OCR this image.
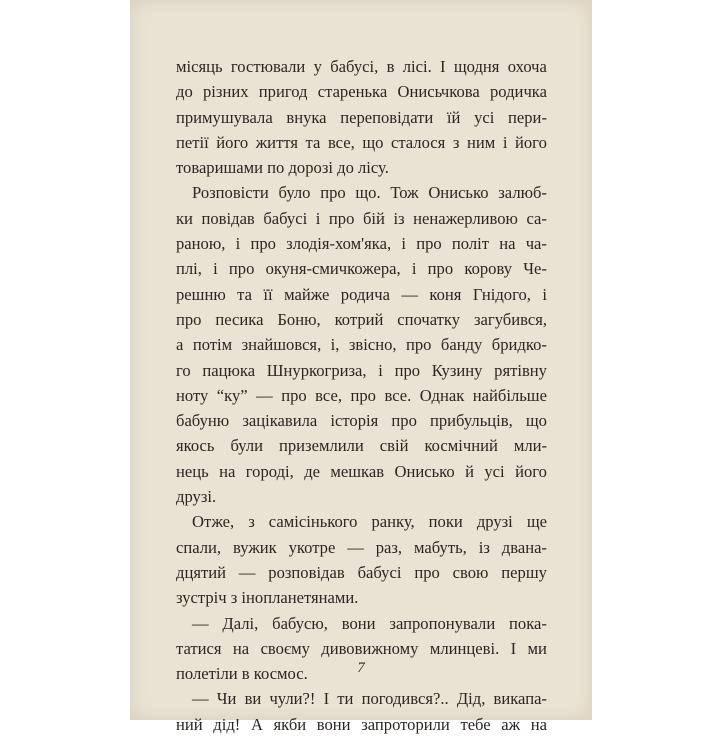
місяць гостювали у бабусі, в лісі. І щодня охоча
до різних пригод старенька Онисьчкова родичка
примушувала внука переповідати їй усі пери-
петії його життя та все, що сталося з ним і його
товаришами по дорозі до лісу.
Розповісти було про що. Тож Онисько залюб-
ки повідав бабусі і про бій із ненажерливою са-
раною, і про злодія-хом'яка, і про політ на ча-
плі, і про окуня-смичкожера, і про корову Че-
решню та її майже родича — коня Гнідого, і
про песика Боню, котрий спочатку загубився,
а потім знайшовся, і, звісно, про банду бридко-
го пацюка Шнуркогриза, і про Кузину рятівну
ноту “ку” — про все, про все. Однак найбільше
бабуню зацікавила історія про прибульців, що
якось були приземлили свій космічний мли-
нець на городі, де мешкав Онисько й усі його
друзі.
Отже, з самісінького ранку, поки друзі ще
спали, вужик укотре — раз, мабуть, із двана-
дцятий — розповідав бабусі про свою першу
зустріч з інопланетянами.
— Далі, бабусю, вони запропонували пока-
татися на своєму дивовижному млинцеві. І ми
полетіли в космос.
— Чи ви чули?! І ти погодився?.. Дід, викапа-
ний дід! А якби вони запроторили тебе аж на
7
